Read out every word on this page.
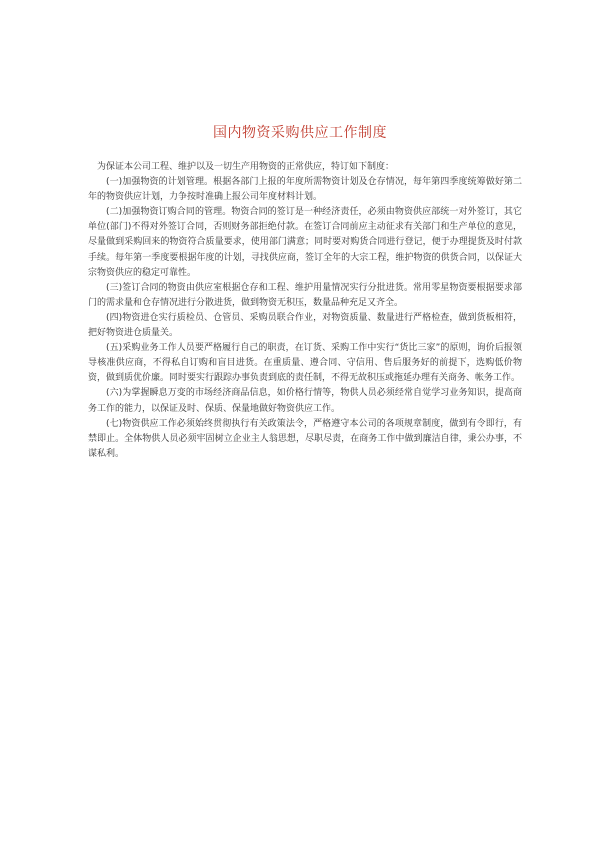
国内物资采购供应工作制度

为保证本公司工程、维护以及一切生产用物资的正常供应，特订如下制度：

(一)加强物资的计划管理。根据各部门上报的年度所需物资计划及仓存情况，每年第四季度统筹做好第二年的物资供应计划，力争按时准确上报公司年度材料计划。

(二)加强物资订购合同的管理。物资合同的签订是一种经济责任，必须由物资供应部统一对外签订，其它单位(部门)不得对外签订合同，否则财务部拒绝付款。在签订合同前应主动征求有关部门和生产单位的意见，尽量做到采购回来的物资符合质量要求，使用部门满意；同时要对购货合同进行登记，便于办理提货及时付款手续。每年第一季度要根据年度的计划，寻找供应商，签订全年的大宗工程，维护物资的供货合同，以保证大宗物资供应的稳定可靠性。

(三)签订合同的物资由供应室根据仓存和工程、维护用量情况实行分批进货。常用零星物资要根据要求部门的需求量和仓存情况进行分散进货，做到物资无积压，数量品种充足又齐全。

(四)物资进仓实行质检员、仓管员、采购员联合作业，对物资质量、数量进行严格检查，做到货板相符，把好物资进仓质量关。

(五)采购业务工作人员要严格履行自己的职责，在订货、采购工作中实行“货比三家”的原则，询价后报领导核准供应商，不得私自订购和盲目进货。在重质量、遵合同、守信用、售后服务好的前提下，选购低价物资，做到质优价廉。同时要实行跟踪办事负责到底的责任制，不得无故积压或拖延办理有关商务、帐务工作。

(六)为掌握瞬息万变的市场经济商品信息，如价格行情等，物供人员必须经常自觉学习业务知识，提高商务工作的能力，以保证及时、保质、保量地做好物资供应工作。

(七)物资供应工作必须始终贯彻执行有关政策法令，严格遵守本公司的各项规章制度，做到有令即行，有禁即止。全体物供人员必须牢固树立企业主人翁思想，尽职尽责，在商务工作中做到廉洁自律，秉公办事，不谋私利。
